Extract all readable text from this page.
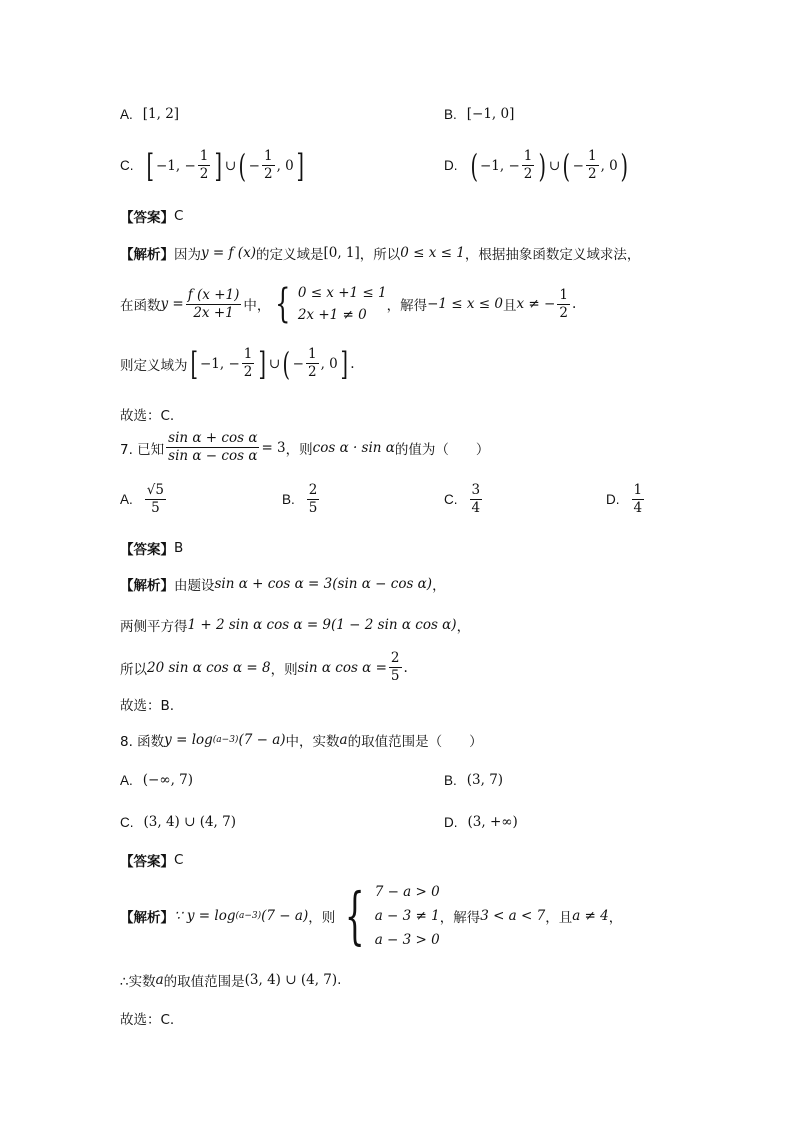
A. [1, 2]	B. [−1, 0]
C. [ −1, − $\frac{1}{2}$ ] ∪ ( − $\frac{1}{2}$ , 0 ]	D. ( −1, − $\frac{1}{2}$ ) ∪ ( − $\frac{1}{2}$ , 0 )
【答案】 C
【解析】 因为 y = f (x) 的定义域是 [0, 1] ，所以 0 ≤ x ≤ 1 ，根据抽象函数定义域求法，
在函数 $y = \frac{f (x +1)}{2x +1}$ 中， { 0 ≤ x +1 ≤ 1
2x +1 ≠ 0
，解得 −1 ≤ x ≤ 0 且 x ≠ − $\frac{1}{2}$ .
则定义域为 [ −1, − $\frac{1}{2}$ ] ∪ ( − $\frac{1}{2}$ , 0 ] .
故选：C.
7. 已知 $\frac{\text{sin α + cos α}}{\text{sin α − cos α}} = 3$ ，则 cos α · sin α 的值为（　　）
A. $\frac{√5}{5}$	B. $\frac{2}{5}$	C. $\frac{3}{4}$	D. $\frac{1}{4}$
【答案】 B
【解析】 由题设 sin α + cos α = 3(sin α − cos α) ，
两侧平方得 1 + 2 sin α cos α = 9(1 − 2 sin α cos α) ，
所以 20 sin α cos α = 8 ，则 sin α $\cos \alpha = \frac{2}{5}$ .
故选：B.
8. 函数 y = log (a−3) (7 − a) 中，实数 a 的取值范围是（　　）
A. (−∞, 7)	B. (3, 7)
C. (3, 4) ∪ (4, 7)	D. (3, +∞)
【答案】 C
【解析】 ∵ y = log (a−3) (7 − a) ，则 { 7 − a > 0
a − 3 ≠ 1
a − 3 > 0
，解得 3 < a < 7 ，且 a ≠ 4 ，
∴实数 a 的取值范围是 (3, 4) ∪ (4, 7) .
故选：C.
